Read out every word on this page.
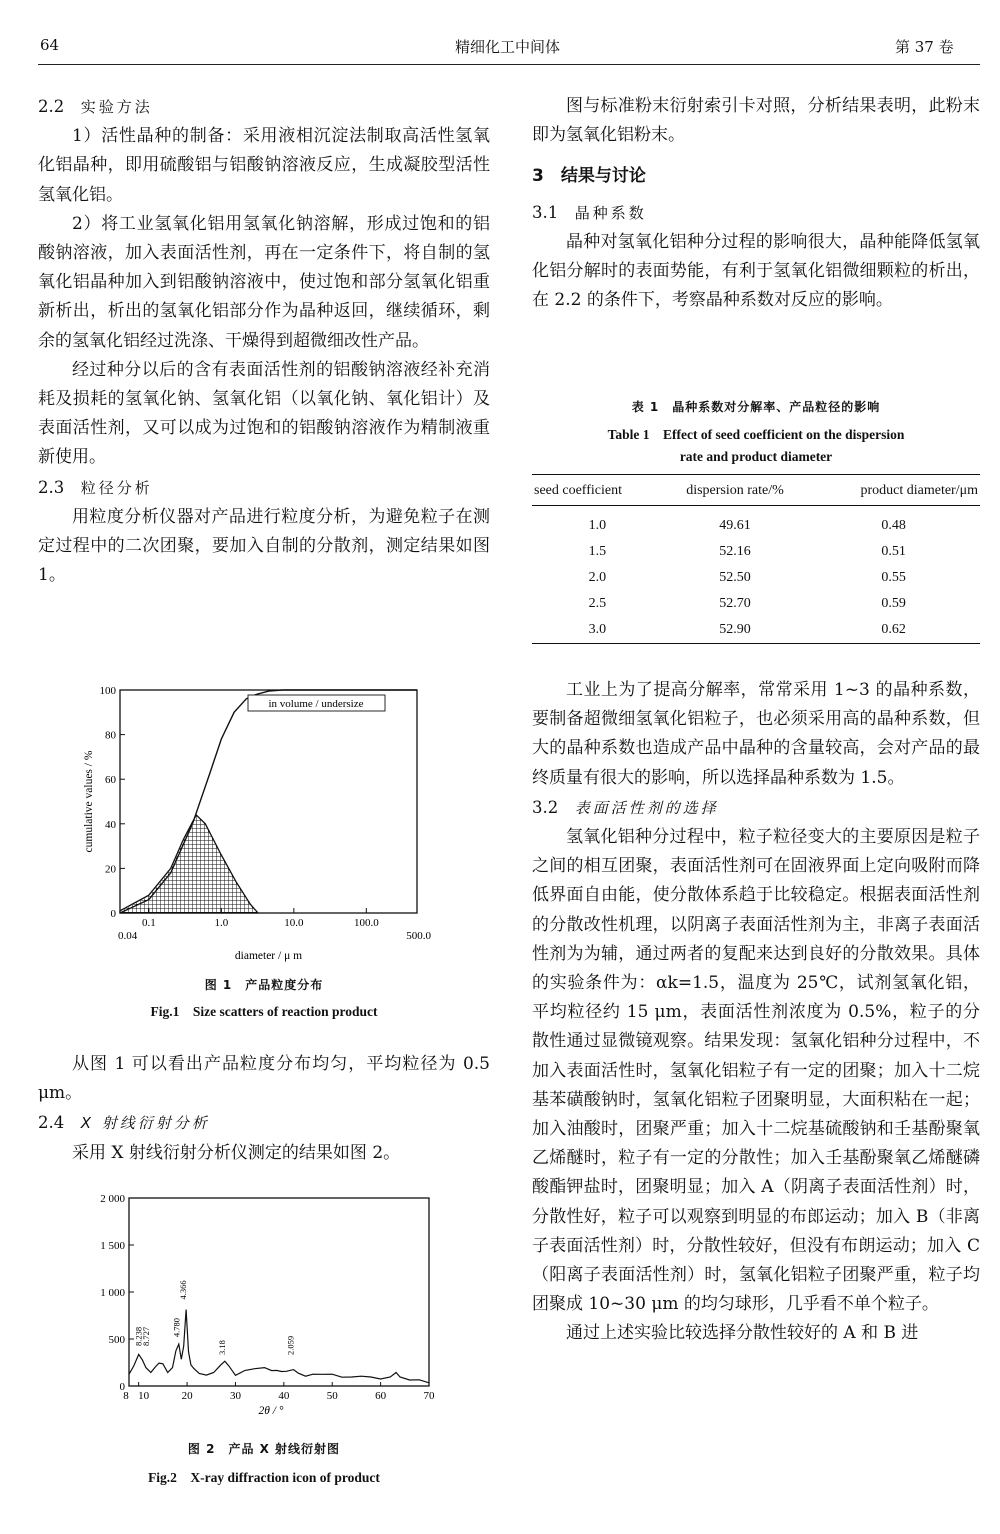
64	精细化工中间体	第 37 卷

2.2　 实验方法

1）活性晶种的制备：采用液相沉淀法制取高活性氢氧化铝晶种，即用硫酸铝与铝酸钠溶液反应，生成凝胶型活性氢氧化铝。

2）将工业氢氧化铝用氢氧化钠溶解，形成过饱和的铝酸钠溶液，加入表面活性剂，再在一定条件下，将自制的氢氧化铝晶种加入到铝酸钠溶液中，使过饱和部分氢氧化铝重新析出，析出的氢氧化铝部分作为晶种返回，继续循环，剩余的氢氧化铝经过洗涤、干燥得到超微细改性产品。

经过种分以后的含有表面活性剂的铝酸钠溶液经补充消耗及损耗的氢氧化钠、氢氧化铝（以氧化钠、氧化铝计）及表面活性剂，又可以成为过饱和的铝酸钠溶液作为精制液重新使用。

2.3　 粒径分析

用粒度分析仪器对产品进行粒度分析，为避免粒子在测定过程中的二次团聚，要加入自制的分散剂，测定结果如图 1。

0
20
40
60
80
100
0.04
0.1	1.0	10.0	100.0
500.0
diameter / μ m
cumulative values / %
in volume / undersize
图 1　产品粒度分布
Fig.1　Size scatters of reaction product

从图 1 可以看出产品粒度分布均匀，平均粒径为 0.5 μm。

2.4　 X 射线衍射分析

采用 X 射线衍射分析仪测定的结果如图 2。

0
500
1 000
1 500
2 000
8 10	20	30	40	50	60	70
2θ / °
8.238
8.727 4.780
4.366
3.18	2.059
图 2　产品 X 射线衍射图
Fig.2　X-ray diffraction icon of product

图与标准粉末衍射索引卡对照，分析结果表明，此粉末即为氢氧化铝粉末。

3　结果与讨论

3.1　 晶种系数

晶种对氢氧化铝种分过程的影响很大，晶种能降低氢氧化铝分解时的表面势能，有利于氢氧化铝微细颗粒的析出，在 2.2 的条件下，考察晶种系数对反应的影响。

表 1　晶种系数对分解率、产品粒径的影响
Table 1　Effect of seed coefficient on the dispersion
rate and product diameter
seed coefficient	dispersion rate/%	product diameter/μm
1.0	49.61	0.48
1.5	52.16	0.51
2.0	52.50	0.55
2.5	52.70	0.59
3.0	52.90	0.62

工业上为了提高分解率，常常采用 1~3 的晶种系数，要制备超微细氢氧化铝粒子，也必须采用高的晶种系数，但大的晶种系数也造成产品中晶种的含量较高，会对产品的最终质量有很大的影响，所以选择晶种系数为 1.5。

3.2　 表面活性剂的选择

氢氧化铝种分过程中，粒子粒径变大的主要原因是粒子之间的相互团聚，表面活性剂可在固液界面上定向吸附而降低界面自由能，使分散体系趋于比较稳定。根据表面活性剂的分散改性机理，以阴离子表面活性剂为主，非离子表面活性剂为为辅，通过两者的复配来达到良好的分散效果。具体的实验条件为：αk=1.5，温度为 25℃，试剂氢氧化铝，平均粒径约 15 μm，表面活性剂浓度为 0.5%，粒子的分散性通过显微镜观察。结果发现：氢氧化铝种分过程中，不加入表面活性时，氢氧化铝粒子有一定的团聚；加入十二烷基苯磺酸钠时，氢氧化铝粒子团聚明显，大面积粘在一起；加入油酸时，团聚严重；加入十二烷基硫酸钠和壬基酚聚氧乙烯醚时，粒子有一定的分散性；加入壬基酚聚氧乙烯醚磷酸酯钾盐时，团聚明显；加入 A（阴离子表面活性剂）时，分散性好，粒子可以观察到明显的布郎运动；加入 B（非离子表面活性剂）时，分散性较好，但没有布朗运动；加入 C（阳离子表面活性剂）时，氢氧化铝粒子团聚严重，粒子均团聚成 10~30 μm 的均匀球形，几乎看不单个粒子。

通过上述实验比较选择分散性较好的 A 和 B 进
